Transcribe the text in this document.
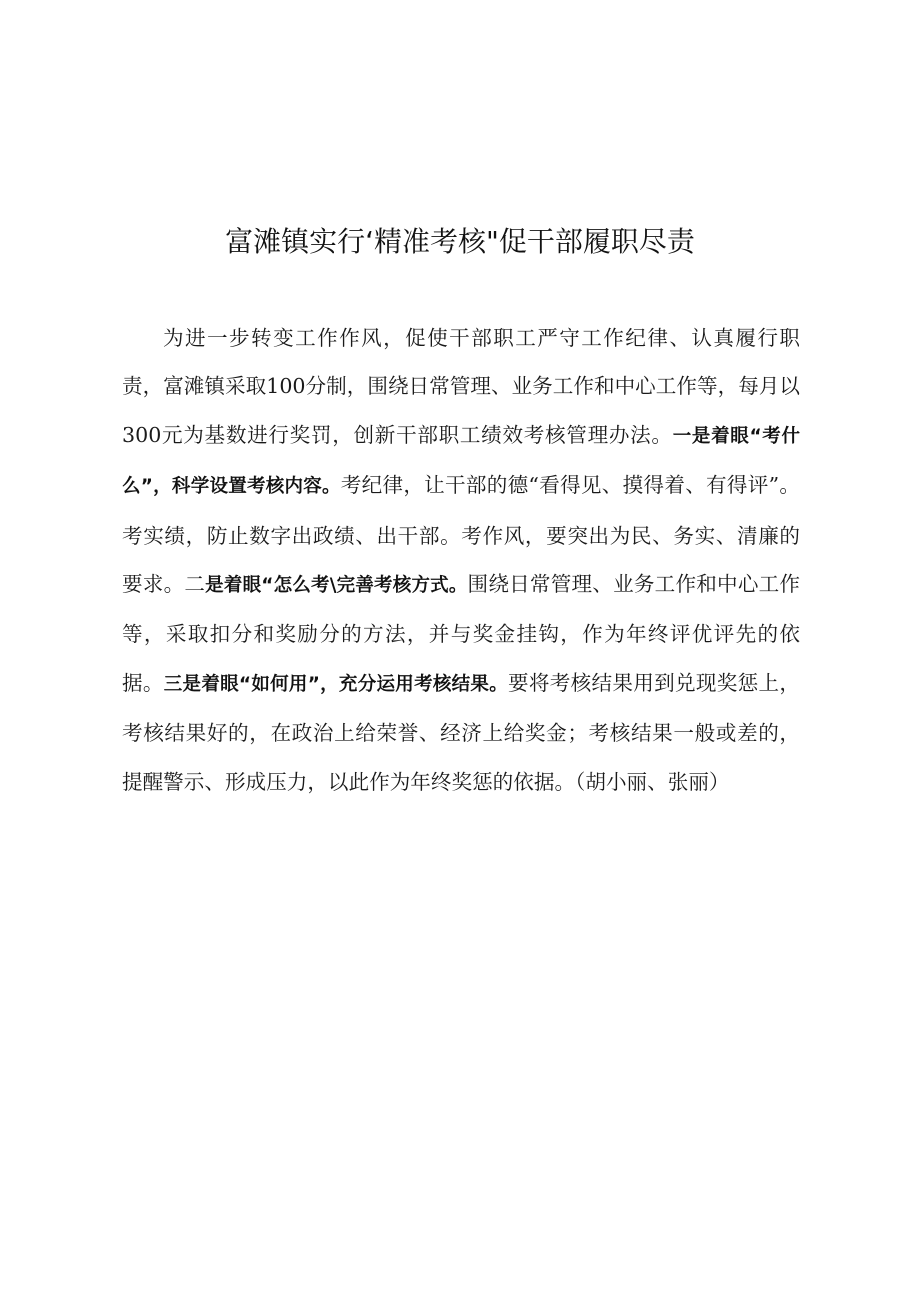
富滩镇实行‘精准考核"促干部履职尽责

为进一步转变工作作风，促使干部职工严守工作纪律、认真履行职责，富滩镇采取100分制，围绕日常管理、业务工作和中心工作等，每月以300元为基数进行奖罚，创新干部职工绩效考核管理办法。一是着眼“考什么”，科学设置考核内容。考纪律，让干部的德“看得见、摸得着、有得评”。考实绩，防止数字出政绩、出干部。考作风，要突出为民、务实、清廉的要求。二是着眼“怎么考\完善考核方式。围绕日常管理、业务工作和中心工作等，采取扣分和奖励分的方法，并与奖金挂钩，作为年终评优评先的依据。三是着眼“如何用”，充分运用考核结果。要将考核结果用到兑现奖惩上，考核结果好的，在政治上给荣誉、经济上给奖金；考核结果一般或差的，提醒警示、形成压力，以此作为年终奖惩的依据。（胡小丽、张丽）
